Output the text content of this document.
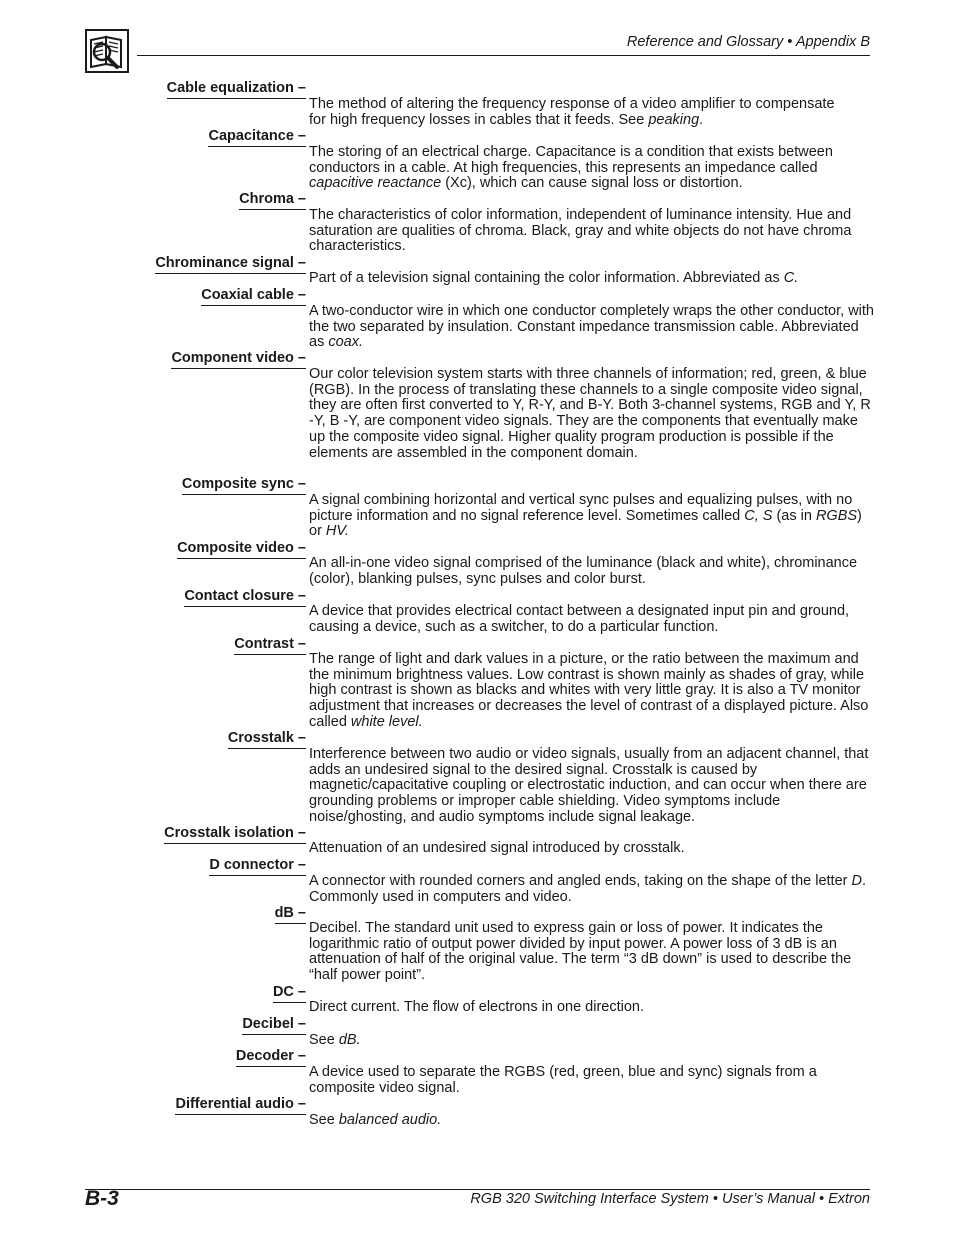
Reference and Glossary • Appendix B
Cable equalization –
The method of altering the frequency response of a video amplifier to compensate
for high frequency losses in cables that it feeds. See peaking.
Capacitance –
The storing of an electrical charge. Capacitance is a condition that exists between conductors in a cable. At high frequencies, this represents an impedance called capacitive reactance (Xc), which can cause signal loss or distortion.
Chroma –
The characteristics of color information, independent of luminance intensity. Hue and saturation are qualities of chroma. Black, gray and white objects do not have chroma characteristics.
Chrominance signal –
Part of a television signal containing the color information. Abbreviated as C.
Coaxial cable –
A two-conductor wire in which one conductor completely wraps the other conductor, with the two separated by insulation. Constant impedance transmission cable. Abbreviated as coax.
Component video –
Our color television system starts with three channels of information; red, green, & blue (RGB). In the process of translating these channels to a single composite video signal, they are often first converted to Y, R-Y, and B-Y. Both 3-channel systems, RGB and Y, R -Y, B -Y, are component video signals. They are the components that eventually make up the composite video signal. Higher quality program production is possible if the elements are assembled in the component domain.
Composite sync –
A signal combining horizontal and vertical sync pulses and equalizing pulses, with no picture information and no signal reference level. Sometimes called C, S (as in RGBS) or HV.
Composite video –
An all-in-one video signal comprised of the luminance (black and white), chrominance (color), blanking pulses, sync pulses and color burst.
Contact closure –
A device that provides electrical contact between a designated input pin and ground, causing a device, such as a switcher, to do a particular function.
Contrast –
The range of light and dark values in a picture, or the ratio between the maximum and the minimum brightness values. Low contrast is shown mainly as shades of gray, while high contrast is shown as blacks and whites with very little gray. It is also a TV monitor adjustment that increases or decreases the level of contrast of a displayed picture. Also called white level.
Crosstalk –
Interference between two audio or video signals, usually from an adjacent channel, that adds an undesired signal to the desired signal. Crosstalk is caused by magnetic/capacitative coupling or electrostatic induction, and can occur when there are grounding problems or improper cable shielding. Video symptoms include noise/ghosting, and audio symptoms include signal leakage.
Crosstalk isolation –
Attenuation of an undesired signal introduced by crosstalk.
D connector –
A connector with rounded corners and angled ends, taking on the shape of the letter D. Commonly used in computers and video.
dB –
Decibel. The standard unit used to express gain or loss of power. It indicates the logarithmic ratio of output power divided by input power. A power loss of 3 dB is an attenuation of half of the original value. The term “3 dB down” is used to describe the “half power point”.
DC –
Direct current. The flow of electrons in one direction.
Decibel –
See dB.
Decoder –
A device used to separate the RGBS (red, green, blue and sync) signals from a composite video signal.
Differential audio –
See balanced audio.
B-3	RGB 320 Switching Interface System • User’s Manual • Extron
